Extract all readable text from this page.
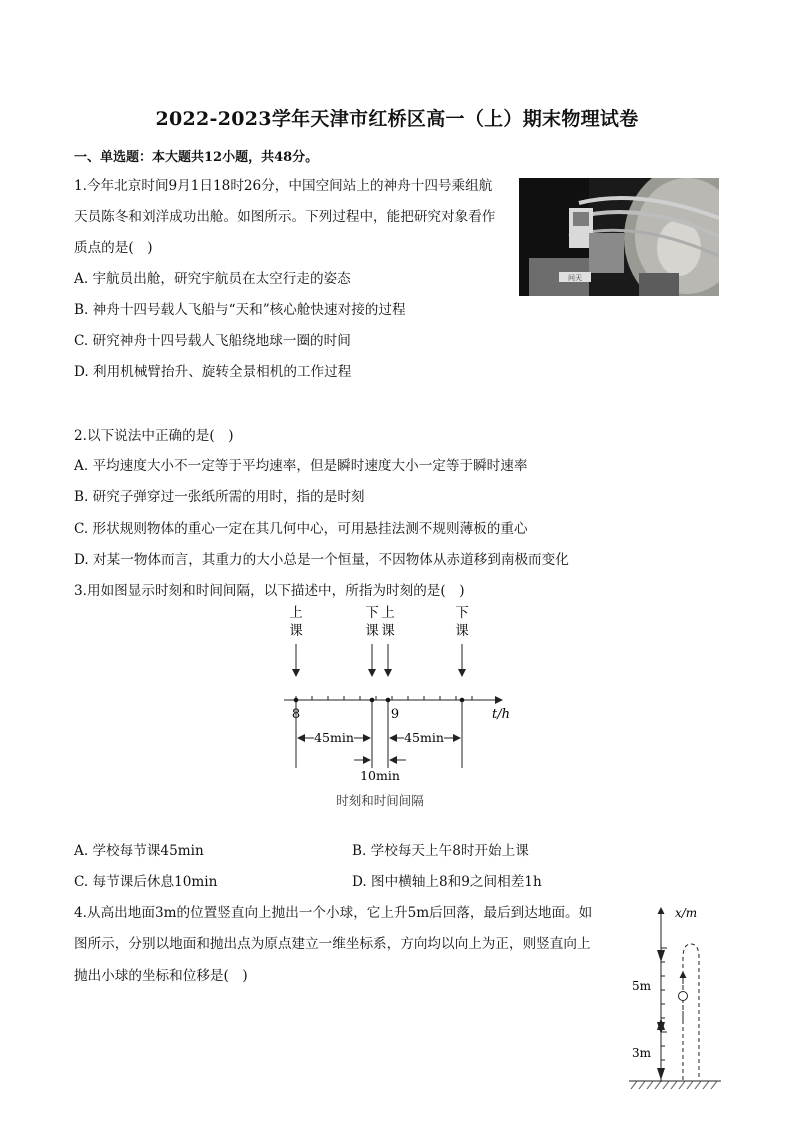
2022-2023学年天津市红桥区高一（上）期末物理试卷
一、单选题：本大题共12小题，共48分。
1.今年北京时间9月1日18时26分，中国空间站上的神舟十四号乘组航
天员陈冬和刘洋成功出舱。如图所示。下列过程中，能把研究对象看作
质点的是(　)
A. 宇航员出舱，研究宇航员在太空行走的姿态
B. 神舟十四号载人飞船与“天和”核心舱快速对接的过程
C. 研究神舟十四号载人飞船绕地球一圈的时间
D. 利用机械臂抬升、旋转全景相机的工作过程
问天
2.以下说法中正确的是(　)
A. 平均速度大小不一定等于平均速率，但是瞬时速度大小一定等于瞬时速率
B. 研究子弹穿过一张纸所需的用时，指的是时刻
C. 形状规则物体的重心一定在其几何中心，可用悬挂法测不规则薄板的重心
D. 对某一物体而言，其重力的大小总是一个恒量，不因物体从赤道移到南极而变化
3.用如图显示时刻和时间间隔，以下描述中，所指为时刻的是(　)
上
课
下
课
上
课
下
课
8	9	t/h
45min	45min
10min
时刻和时间间隔
A. 学校每节课45min	B. 学校每天上午8时开始上课
C. 每节课后休息10min	D. 图中横轴上8和9之间相差1h
4.从高出地面3m的位置竖直向上抛出一个小球，它上升5m后回落，最后到达地面。如
图所示，分别以地面和抛出点为原点建立一维坐标系，方向均以向上为正，则竖直向上
抛出小球的坐标和位移是(　)
x/m
5m
3m
